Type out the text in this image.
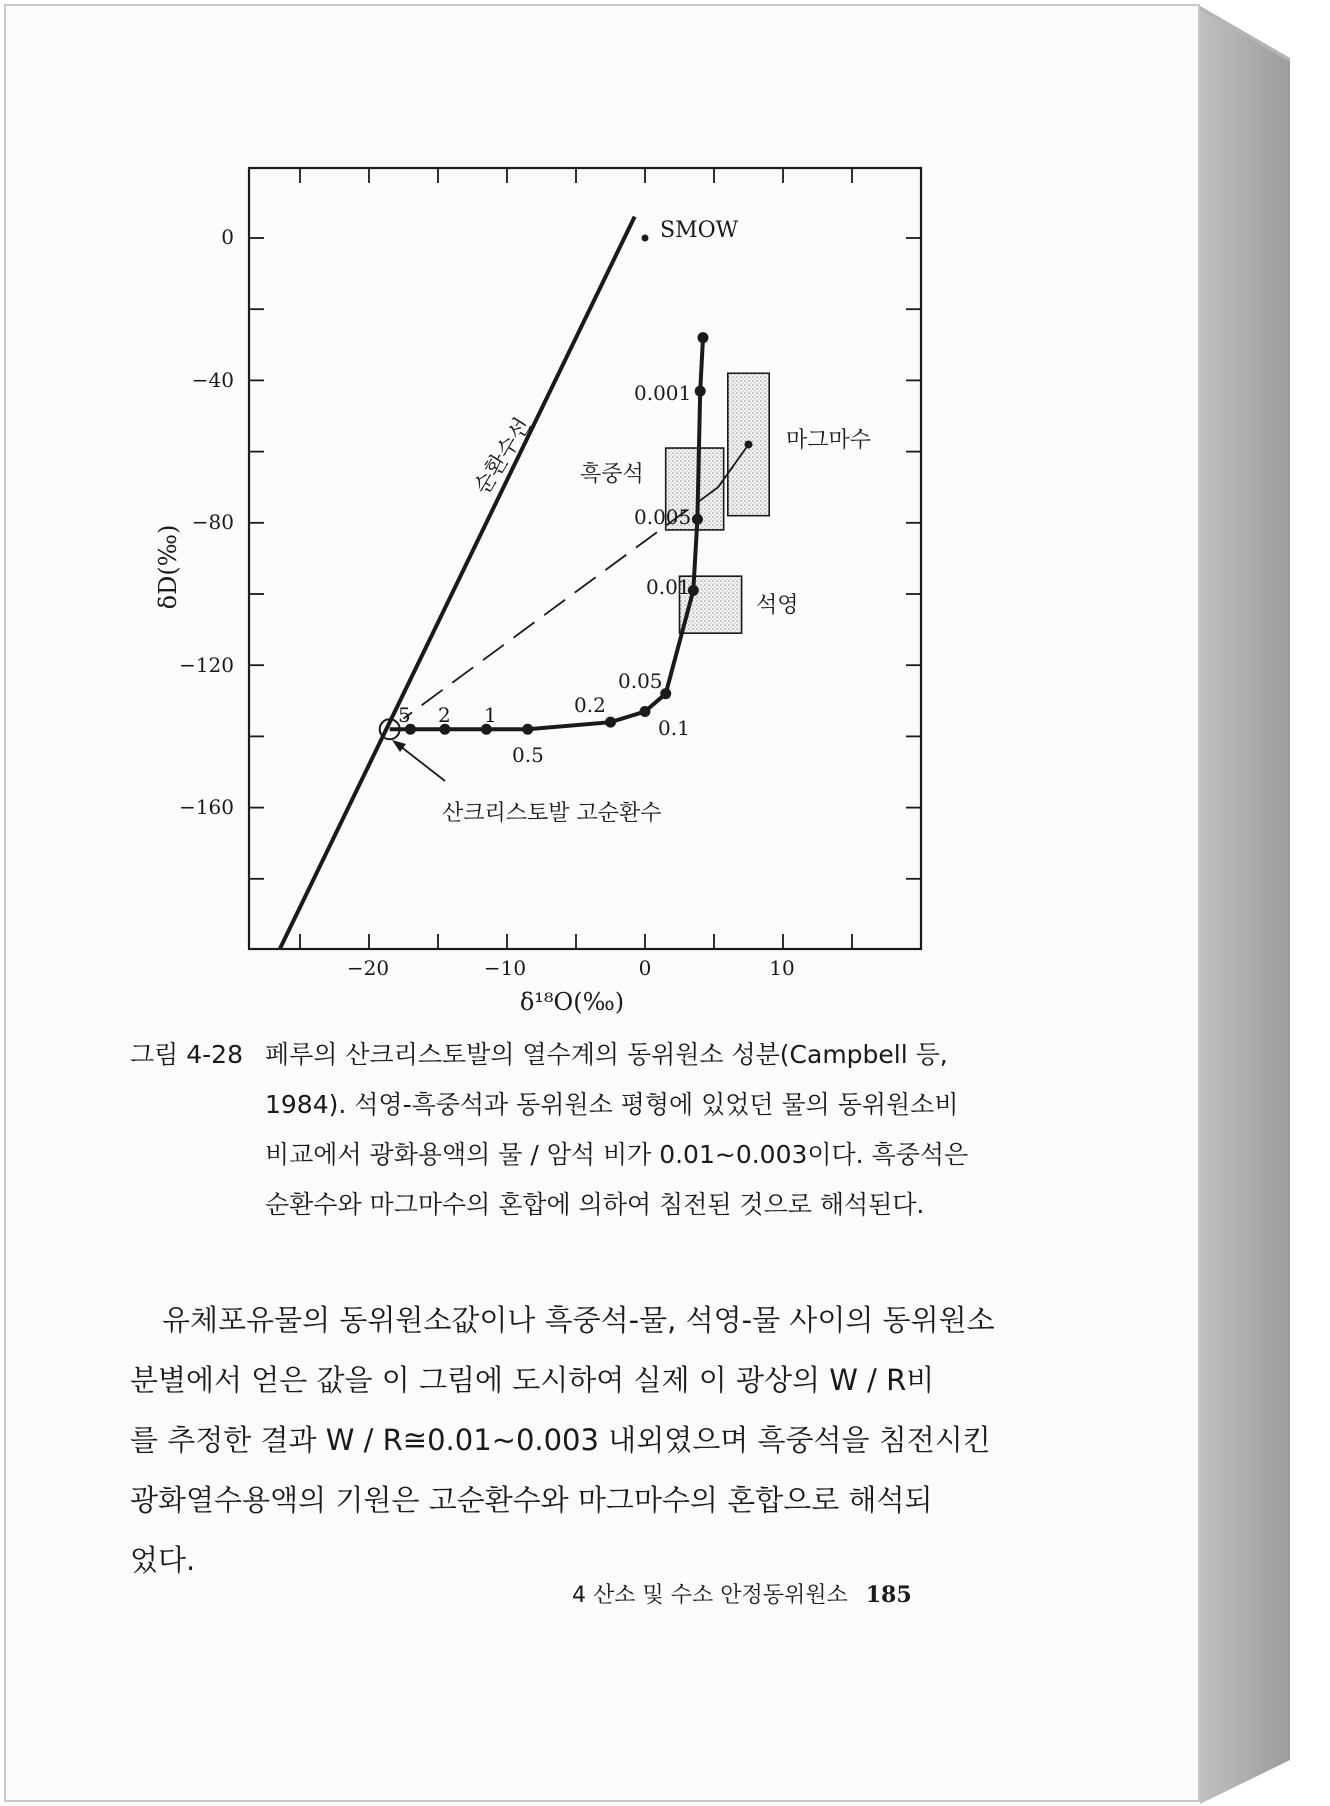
SMOW
순환수선	마그마수
흑중석
석영
산크리스토발 고순환수
0.001
0.005
0.01
0.05
0.1
0.2
0.5
1
2
5
−20	−10	0	10
0
−40
−80
−120
−160
δD(‰)
δ¹⁸O(‰)
그림 4-28 페루의 산크리스토발의 열수계의 동위원소 성분(Campbell 등,
1984). 석영-흑중석과 동위원소 평형에 있었던 물의 동위원소비
비교에서 광화용액의 물 / 암석 비가 0.01~0.003이다. 흑중석은
순환수와 마그마수의 혼합에 의하여 침전된 것으로 해석된다.
유체포유물의 동위원소값이나 흑중석-물, 석영-물 사이의 동위원소
분별에서 얻은 값을 이 그림에 도시하여 실제 이 광상의 W / R비
를 추정한 결과 W / R≅0.01~0.003 내외였으며 흑중석을 침전시킨
광화열수용액의 기원은 고순환수와 마그마수의 혼합으로 해석되
었다.
4 산소 및 수소 안정동위원소 185
